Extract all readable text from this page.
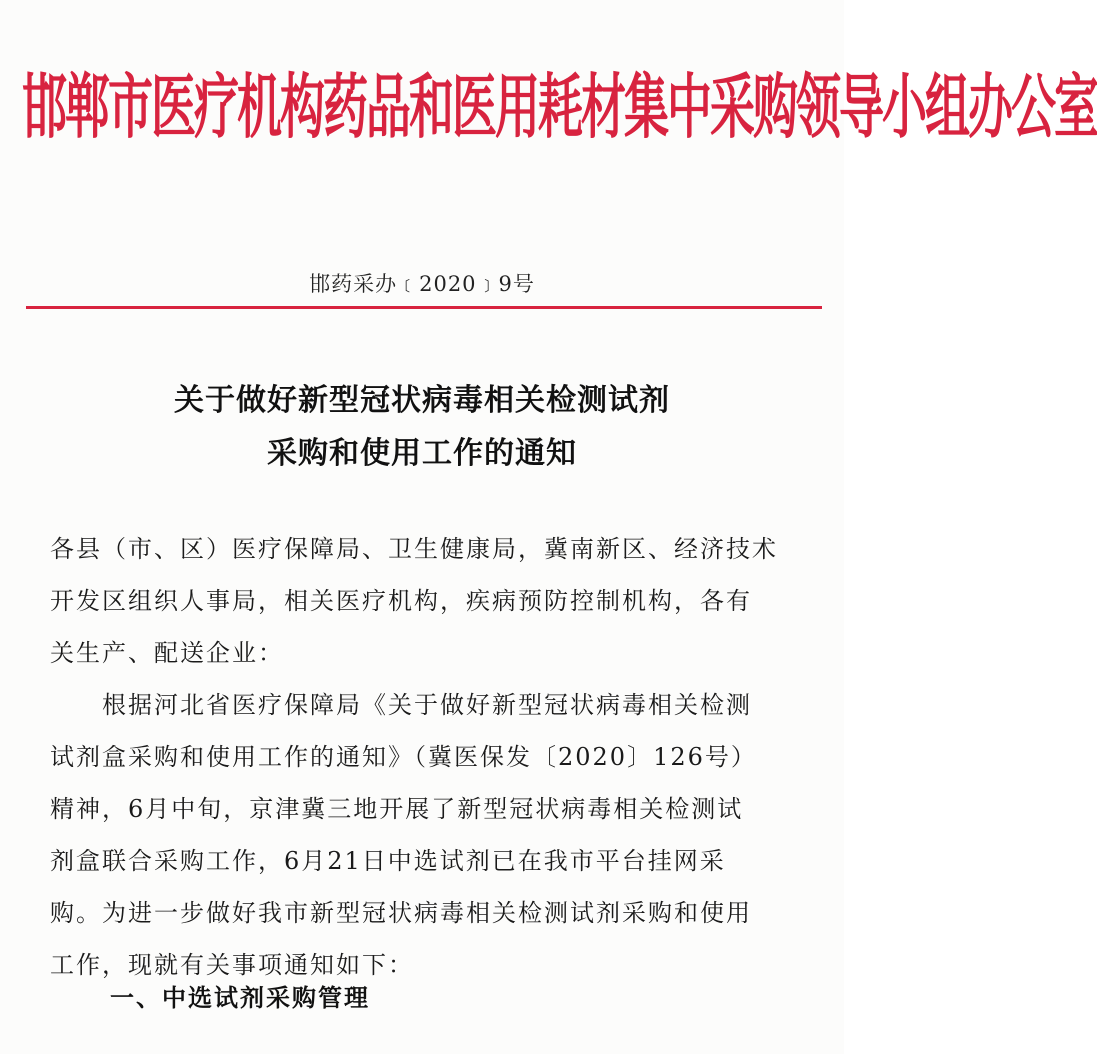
邯郸市医疗机构药品和医用耗材集中采购领导小组办公室
邯药采办﹝2020﹞9号
关于做好新型冠状病毒相关检测试剂
采购和使用工作的通知
各县（市、区）医疗保障局、卫生健康局，冀南新区、经济技术
开发区组织人事局，相关医疗机构，疾病预防控制机构，各有
关生产、配送企业：
　　根据河北省医疗保障局《关于做好新型冠状病毒相关检测
试剂盒采购和使用工作的通知》（冀医保发〔2020〕126号）
精神，6月中旬，京津冀三地开展了新型冠状病毒相关检测试
剂盒联合采购工作，6月21日中选试剂已在我市平台挂网采
购。为进一步做好我市新型冠状病毒相关检测试剂采购和使用
工作，现就有关事项通知如下：
一、中选试剂采购管理
